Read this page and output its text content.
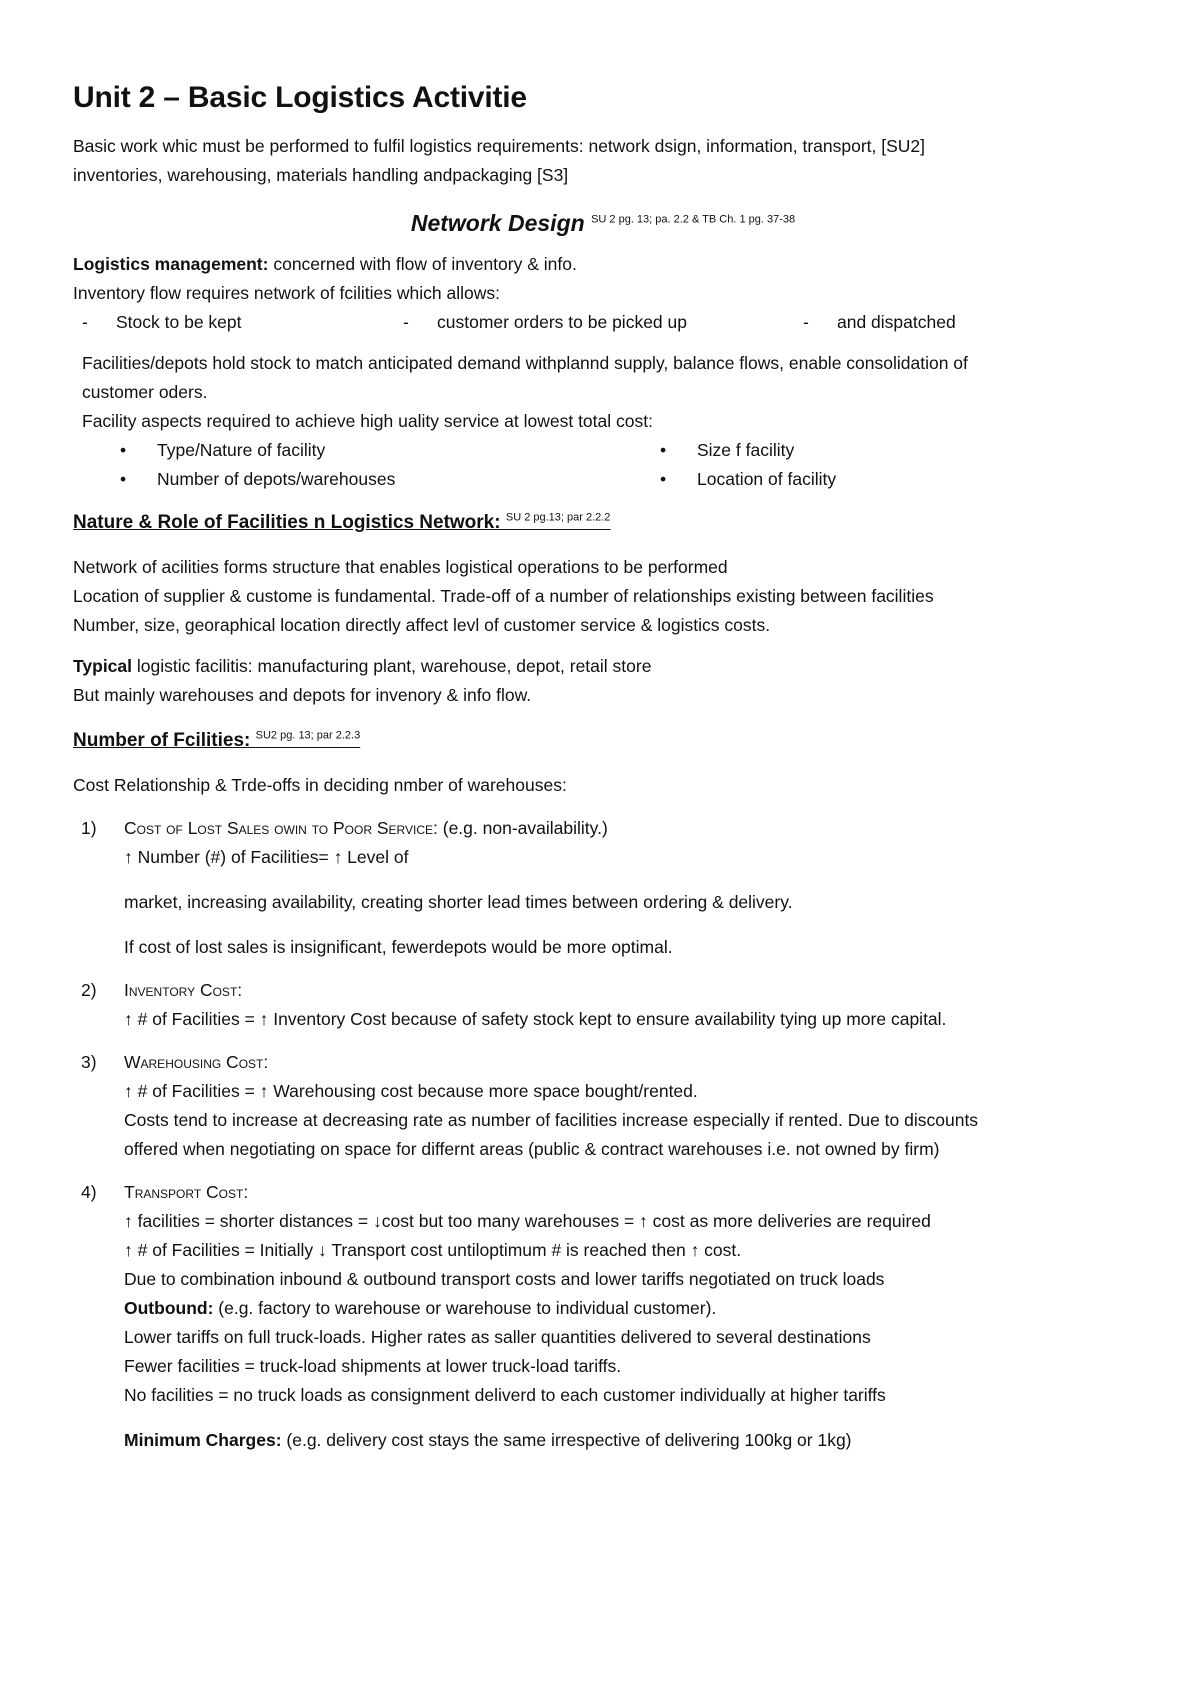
Unit 2 – Basic Logistics Activitie

Basic work whic must be performed to fulfil logistics requirements: network dsign, information, transport, [SU2]

inventories, warehousing, materials handling andpackaging [S3]

Network Design $^{SU 2 pg. 13; pa. 2.2 \& TB Ch. 1 pg. 37-38}$

Logistics management: concerned with flow of inventory & info.

Inventory flow requires network of fcilities which allows:

-	Stock to be kept	-	customer orders to be picked up	-	and dispatched

Facilities/depots hold stock to match anticipated demand withplannd supply, balance flows, enable consolidation of

customer oders.

Facility aspects required to achieve high uality service at lowest total cost:

•	Type/Nature of facility	•	Size f facility
•	Number of depots/warehouses	•	Location of facility
Nature & Role of Facilities n Logistics Network: $^{SU 2 pg.13; par 2.2.2}$

Network of acilities forms structure that enables logistical operations to be performed

Location of supplier & custome is fundamental. Trade-off of a number of relationships existing between facilities

Number, size, georaphical location directly affect levl of customer service & logistics costs.

Typical logistic facilitis: manufacturing plant, warehouse, depot, retail store

But mainly warehouses and depots for invenory & info flow.

Number of Fcilities: $^{SU2 pg. 13; par 2.2.3}$

Cost Relationship & Trde-offs in deciding nmber of warehouses:

1)	Cost of Lost Sales owin to Poor Service: (e.g. non-availability.)

↑ Number (#) of Facilities= ↑ Level of

market, increasing availability, creating shorter lead times between ordering & delivery.

If cost of lost sales is insignificant, fewerdepots would be more optimal.

2)	Inventory Cost:

↑ # of Facilities = ↑ Inventory Cost because of safety stock kept to ensure availability tying up more capital.

3)	Warehousing Cost:

↑ # of Facilities = ↑ Warehousing cost because more space bought/rented.

Costs tend to increase at decreasing rate as number of facilities increase especially if rented. Due to discounts

offered when negotiating on space for differnt areas (public & contract warehouses i.e. not owned by firm)

4)	Transport Cost:

↑ facilities = shorter distances = ↓cost but too many warehouses = ↑ cost as more deliveries are required

↑ # of Facilities = Initially ↓ Transport cost untiloptimum # is reached then ↑ cost.

Due to combination inbound & outbound transport costs and lower tariffs negotiated on truck loads

Outbound: (e.g. factory to warehouse or warehouse to individual customer).

Lower tariffs on full truck-loads. Higher rates as saller quantities delivered to several destinations

Fewer facilities = truck-load shipments at lower truck-load tariffs.

No facilities = no truck loads as consignment deliverd to each customer individually at higher tariffs

Minimum Charges: (e.g. delivery cost stays the same irrespective of delivering 100kg or 1kg)
